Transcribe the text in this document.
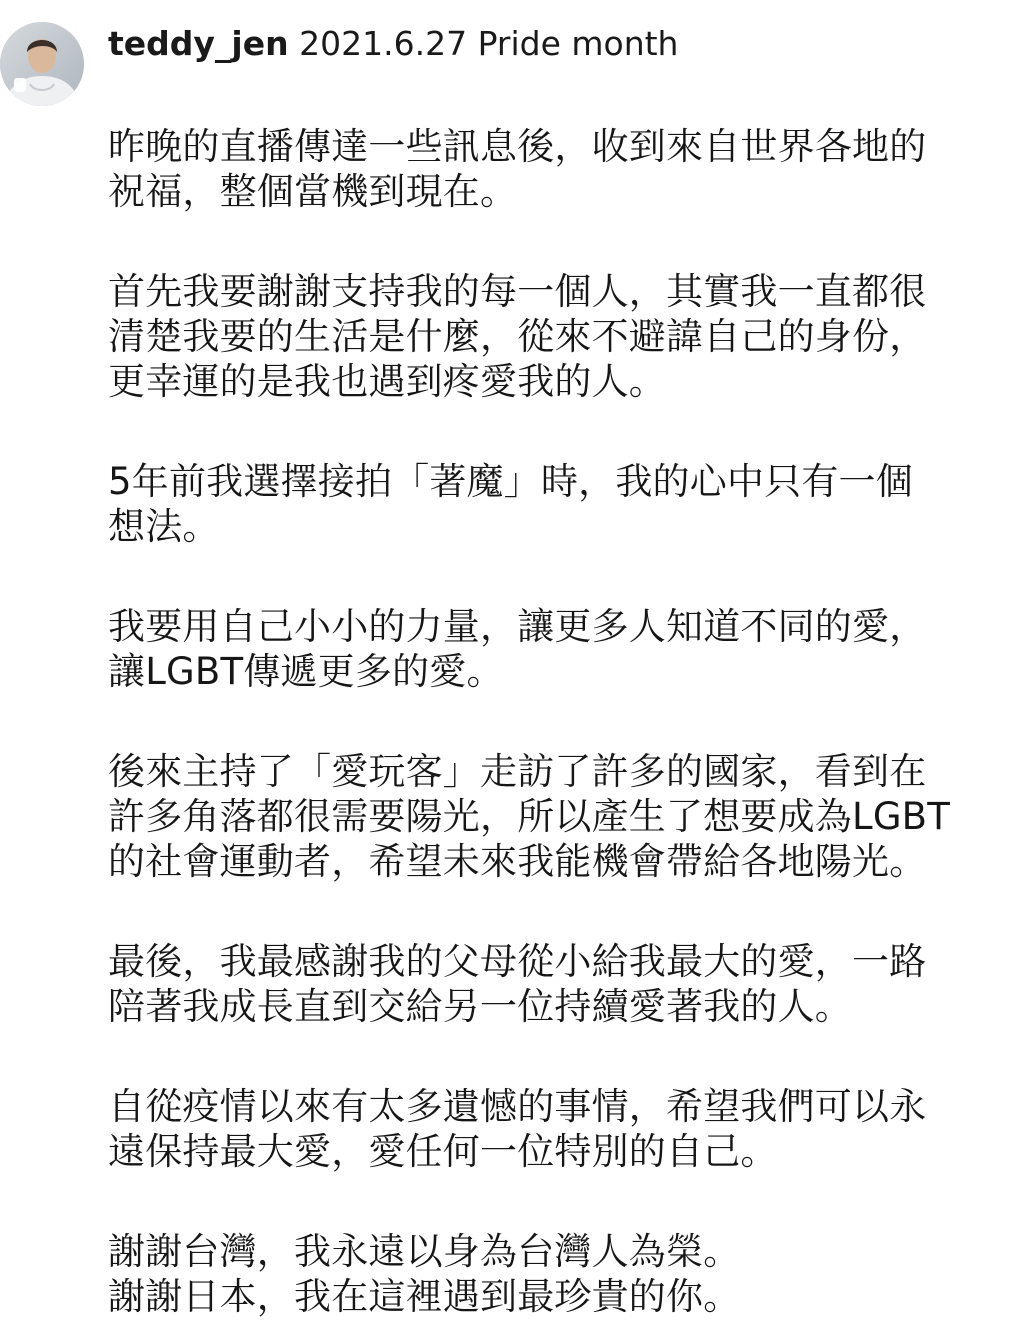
teddy_jen 2021.6.27 Pride month
昨晚的直播傳達一些訊息後，收到來自世界各地的
祝福，整個當機到現在。
首先我要謝謝支持我的每一個人，其實我一直都很
清楚我要的生活是什麼，從來不避諱自己的身份，
更幸運的是我也遇到疼愛我的人。
5年前我選擇接拍「著魔」時，我的心中只有一個
想法。
我要用自己小小的力量，讓更多人知道不同的愛，
讓LGBT傳遞更多的愛。
後來主持了「愛玩客」走訪了許多的國家，看到在
許多角落都很需要陽光，所以產生了想要成為LGBT
的社會運動者，希望未來我能機會帶給各地陽光。
最後，我最感謝我的父母從小給我最大的愛，一路
陪著我成長直到交給另一位持續愛著我的人。
自從疫情以來有太多遺憾的事情，希望我們可以永
遠保持最大愛，愛任何一位特別的自己。
謝謝台灣，我永遠以身為台灣人為榮。
謝謝日本，我在這裡遇到最珍貴的你。
